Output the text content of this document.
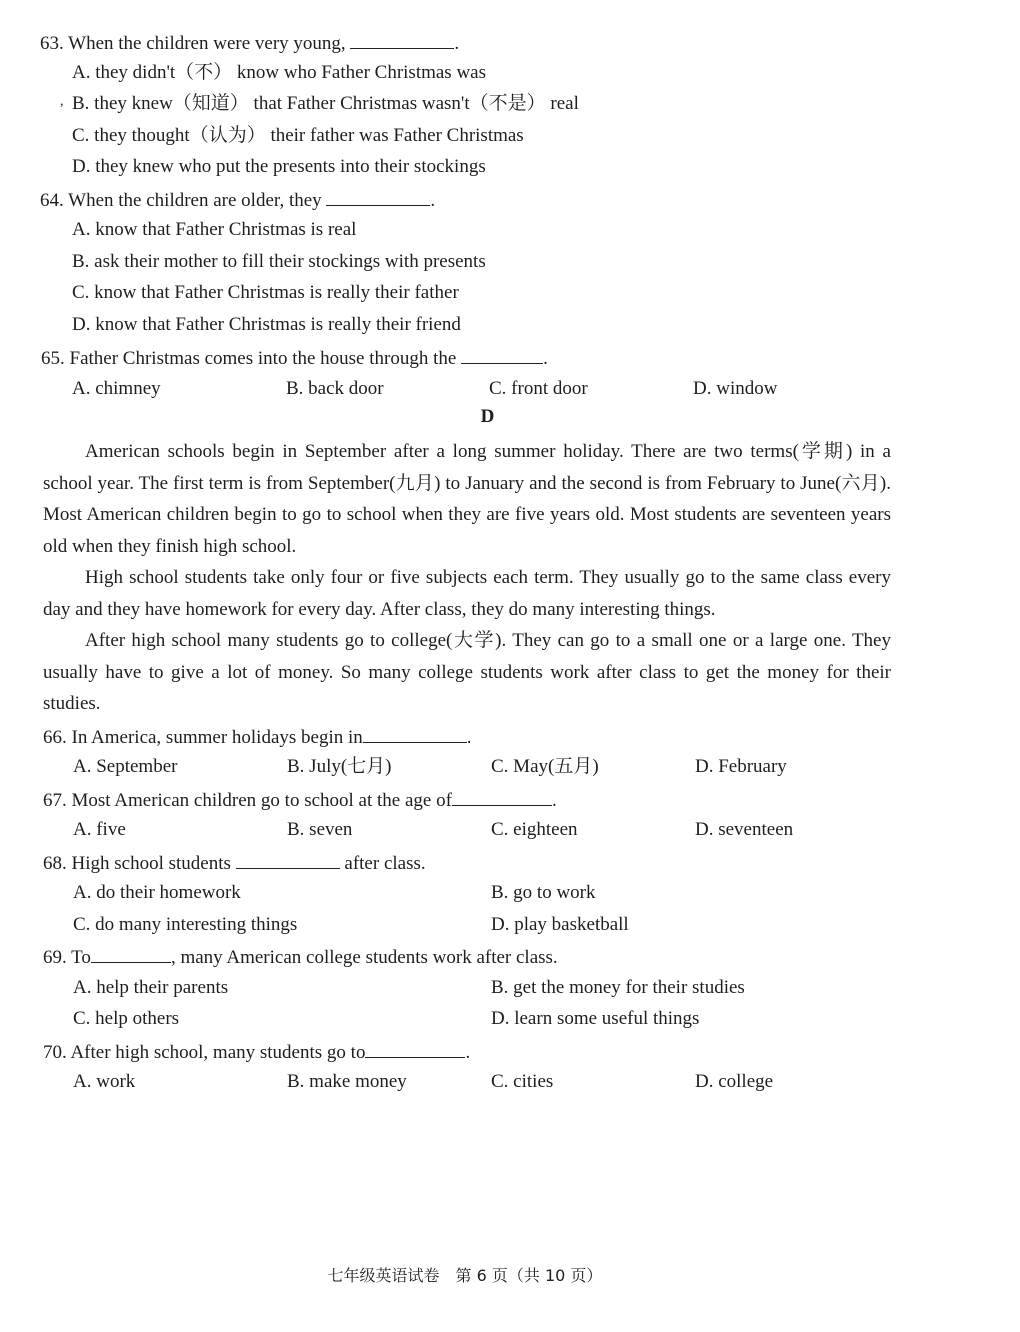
63. When the children were very young,	.
A. they didn't（不） know who Father Christmas was
, B. they knew（知道） that Father Christmas wasn't（不是） real
C. they thought（认为） their father was Father Christmas
D. they knew who put the presents into their stockings
64. When the children are older, they	.
A. know that Father Christmas is real
B. ask their mother to fill their stockings with presents
C. know that Father Christmas is really their father
D. know that Father Christmas is really their friend
65. Father Christmas comes into the house through the	.
A. chimney	B. back door	C. front door	D. window
D
American schools begin in September after a long summer holiday. There are two terms(学期) in a school year. The first term is from September(九月) to January and the second is from February to June(六月). Most American children begin to go to school when they are five years old. Most students are seventeen years old when they finish high school.
High school students take only four or five subjects each term. They usually go to the same class every day and they have homework for every day. After class, they do many interesting things.
After high school many students go to college(大学). They can go to a small one or a large one. They usually have to give a lot of money. So many college students work after class to get the money for their studies.
66. In America, summer holidays begin in	.
A. September	B. July(七月)	C. May(五月)	D. February
67. Most American children go to school at the age of	.
A. five	B. seven	C. eighteen	D. seventeen
68. High school students	after class.
A. do their homework	B. go to work
C. do many interesting things	D. play basketball
69. To	, many American college students work after class.
A. help their parents	B. get the money for their studies
C. help others	D. learn some useful things
70. After high school, many students go to	.
A. work	B. make money	C. cities	D. college
七年级英语试卷　第 6 页（共 10 页）
